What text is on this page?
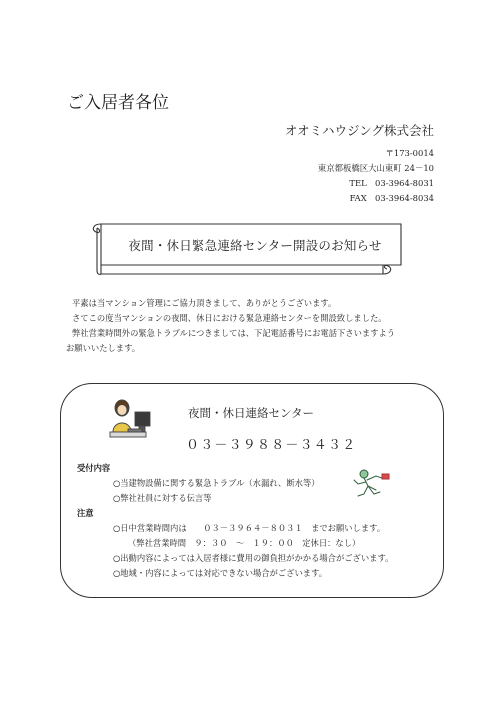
ご入居者各位
オオミハウジング株式会社
〒173-0014
東京都板橋区大山東町 24－10
TEL　03-3964-8031
FAX　03-3964-8034
夜間・休日緊急連絡センター開設のお知らせ

平素は当マンション管理にご協力頂きまして、ありがとうございます。

さてこの度当マンションの夜間、休日における緊急連絡センターを開設致しました。

弊社営業時間外の緊急トラブルにつきましては、下記電話番号にお電話下さいますよう

お願いいたします。

夜間・休日連絡センター
０３－３９８８－３４３２
受付内容
○当建物設備に関する緊急トラブル（水漏れ、断水等）
○弊社社員に対する伝言等
注意
○日中営業時間内は　　０３－３９６４－８０３１　までお願いします。
（弊社営業時間　９：３０　～　１９：００　定休日：なし）
○出動内容によっては入居者様に費用の御負担がかかる場合がございます。
○地域・内容によっては対応できない場合がございます。
